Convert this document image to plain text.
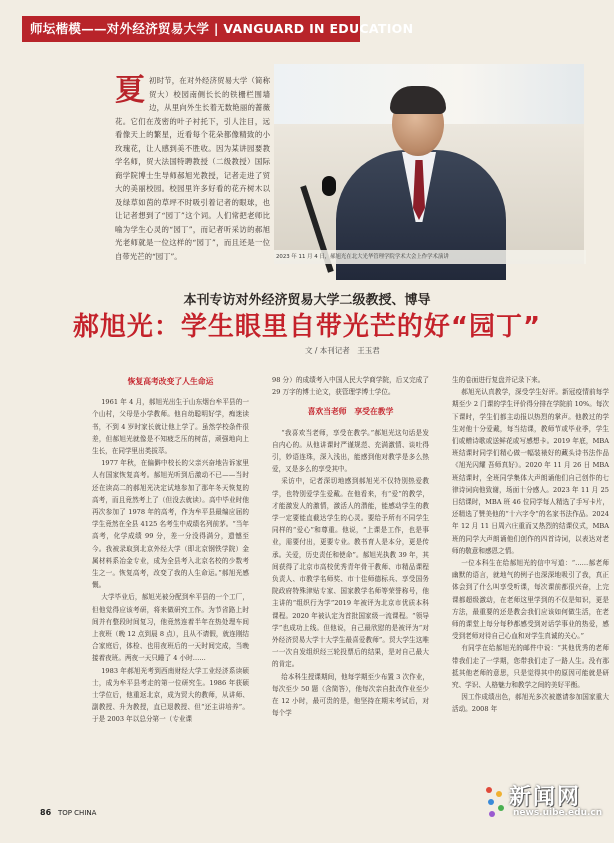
师坛楷模——对外经济贸易大学 | VANGUARD IN EDUCATION
夏 初时节，在对外经济贸易大学（简称贸大）校园南侧长长的铁栅栏围墙边，从里向外生长着无数艳丽的蔷薇花。它们在茂密的叶子衬托下，引人注目，远看像天上的繁星，近看每个花朵都像精致的小玫瑰花，让人感到美不胜收。因为某讲园要教学名师，贸大法国特聘教授（二级教授）国际商学院博士生导师郝旭光教授，记者走进了贸大的美丽校园。校园里许多好看的花卉树木以及绿草如茵的草坪不时吸引着记者的眼球，也让记者想到了“园丁”这个词。人们常把老师比喻为学生心灵的“园丁”，而记者听采访的郝旭光老师就是一位这样的“园丁”，而且还是一位自带光芒的“园丁”。	2023 年 11 月 4 日，郝旭光在北大光华管理学院学术大会上作学术演讲
本刊专访对外经济贸易大学二级教授、博导
郝旭光：学生眼里自带光芒的好“园丁”
文 / 本刊记者　王玉君
恢复高考改变了人生命运

1961 年 4 月，郝旭光出生于山东烟台牟平县的一个山村，父母是小学教师。他自幼聪明好学，痴迷读书，不到 4 岁时家长就让他上学了。虽然学校条件很差，但郝旭光就像是不知疲乏压的树苗，顽强地向上生长，在同学里出类拔萃。

1977 年秋，在偏僻中校长的父亲兴奋地告诉家里人有国家恢复高考。郝旭光听到后激动不已——当时还在读高二的郝旭光决定试地参加了那年冬天恢复的高考，而且竟然考上了（但没去就读）。高中毕业时他再次参加了 1978 年的高考，作为牟平县最编应届的学生竟然在全县 4125 名考生中成绩名列前茅。“当年高考，化学成绩 99 分，差一分没得满分，遗憾至今。我被录取到北京外经大学（即北京钢铁学院）金属材料系冶金专业，成为全县考入北京名校的少数考生之一。恢复高考，改变了我的人生命运。”郝旭光感慨。

大学毕业后，郝旭光被分配到牟平县的一个工厂，但他觉得应该考研，将来做研究工作。为节省路上时间并有整段时间复习，他竟然连着半年在热处理车间上夜班（晚 12 点到晨 8 点），且从不请假，就连刚结合家庭后，体检、也用夜班后的一天时间完成，当晚接着夜班。两夜一天只睡了 4 小时……

1983 年郝旭光考到西南财经大学工业经济系读硕士，成为牟平县考走的第一位研究生。1986 年获硕士学位后，他重返北京，成为贸大的教师，从讲师、副教授、升为教授，直已退教授、但“还主讲培养”。于是 2003 年以总分第一（专业课

98 分）的成绩考入中国人民大学商学院，后又完成了 29 万字的博士论文，获管理学博士学位。
喜欢当老师　享受在教学

“我喜欢当老师，享受在教学。”郝旭光这句话是发自内心的。从他讲课时严谨规范、充满激情、谈吐得引，妙语连珠，深入浅出，能感到他对教学是多么热爱，又是多么的享受其中。

采访中，记者深切地感到郝旭光不仅特别热爱教学，也特别爱学生爱戴。在他看来，有“爱”的教学，才能激发人的激情，激活人的潜能，能感动学生的教学一定要能直截达学生的心灵。要给予所有不同学生同样的“爱心”和尊重。他说，“上课是工作，也是事业，需要付出，更要专业。教书育人是本分，更是传承。关爱，历史责任和使命”。郝旭光执教 39 年，其间获得了北京市高校优秀青年骨干教师、市精品课程负责人、市教学名师奖、市十佳师德标兵、享受国务院政府特殊津贴专家、国家教学名师等荣誉称号，他主讲的“组织行为学”2019 年被评为北京市优质本科课程。2020 年被认定为首批国家级一流课程。“领导学”也成功上线。但他说，自己最欣慰的是被评为“对外经济贸易大学十大学生最喜爱教师”。贸大学生这唯一一次自发组织经三轮投票后的结果，是对自己最大的肯定。

给本科生授课期间，他每学期至少布置 3 次作业，每次至少 50 题（含简答），他每次亲自批改作业至少在 12 小时，最可贵的是，他坚持在期末考试后，对每个学

生的卷面进行复盘并记录下来。

郝旭光认真教学，深受学生好评。新冠疫情前每学期至少 2 门课的学生评价得分排在学院前 10%。每次下课时，学生们都主动报以热烈的掌声。他教过的学生对他十分爱戴，每当结课，教师节或毕业季，学生们或赠诗歌或送鲜花或写感想卡。2019 年底，MBA 班结课时同学们精心做一幅装裱好的藏头诗书法作品《旭光闪耀 吾师真好》。2020 年 11 月 26 日 MBA 班结课时，全班同学集体大声朗诵他们自己创作的七律诗词向他致谢，场面十分感人。2023 年 11 月 25 日结课时，MBA 班 46 位同学每人精选了手写卡片，还精选了赞美他的“十六字令”的名家书法作品。2024 年 12 月 11 日周六庄重而又热烈的结课仪式，MBA 班的同学大声朗诵他们创作的四首诗词，以表达对老师的敬意和感恩之情。

一位本科生在给郝旭光的信中写道：“……郝老师幽默的语言，就地气的例子也深深地吸引了我，真正体会到了什么叫享受听课，每次课前都很兴奋，上完课都超级激动，在老师这里学到的不仅是知识，更是方法，最重要的还是教会我们应该如何做生活，在老师的课堂上每分每秒都感受到对话学事业的热爱，感受到老师对待自己心血和对学生真诚的关心。”

有同学在给郝旭光的邮件中说：“其他优秀的老师带我们走了一学期，您带我们走了一路人生。没有那抵其他老师的意思，只是觉得其中的原因可能就是研究、学识、人格魅力和教学之间的美好平衡。

因工作成绩出色，郝旭光多次被邀请参加国家重大活动。2008 年

86 TOP CHINA
新闻网
news.uibe.edu.cn
